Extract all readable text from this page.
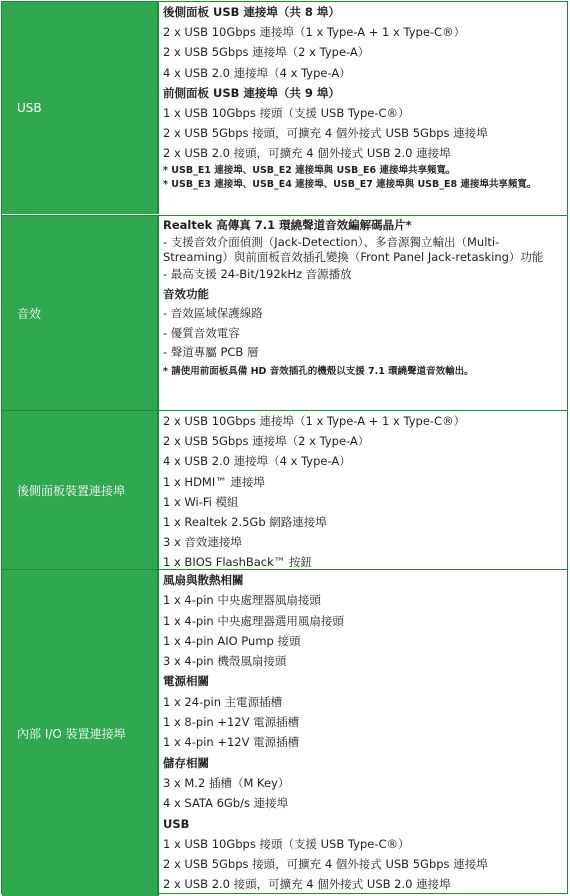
USB
後側面板 USB 連接埠（共 8 埠）
2 x USB 10Gbps 連接埠（1 x Type-A + 1 x Type-C®）
2 x USB 5Gbps 連接埠（2 x Type-A）
4 x USB 2.0 連接埠（4 x Type-A）
前側面板 USB 連接埠（共 9 埠）
1 x USB 10Gbps 接頭（支援 USB Type-C®）
2 x USB 5Gbps 接頭，可擴充 4 個外接式 USB 5Gbps 連接埠
2 x USB 2.0 接頭，可擴充 4 個外接式 USB 2.0 連接埠
* USB_E1 連接埠、USB_E2 連接埠與 USB_E6 連接埠共享頻寬。
* USB_E3 連接埠、USB_E4 連接埠、USB_E7 連接埠與 USB_E8 連接埠共享頻寬。
音效
Realtek 高傳真 7.1 環繞聲道音效編解碼晶片*
- 支援音效介面偵測（Jack-Detection）、多音源獨立輸出（Multi-Streaming）與前面板音效插孔變換（Front Panel Jack-retasking）功能
- 最高支援 24-Bit/192kHz 音源播放
音效功能
- 音效區域保護線路
- 優質音效電容
- 聲道專屬 PCB 層
* 請使用前面板具備 HD 音效插孔的機殼以支援 7.1 環繞聲道音效輸出。
後側面板裝置連接埠
2 x USB 10Gbps 連接埠（1 x Type-A + 1 x Type-C®）
2 x USB 5Gbps 連接埠（2 x Type-A）
4 x USB 2.0 連接埠（4 x Type-A）
1 x HDMI™ 連接埠
1 x Wi-Fi 模組
1 x Realtek 2.5Gb 網路連接埠
3 x 音效連接埠
1 x BIOS FlashBack™ 按鈕
內部 I/O 裝置連接埠
風扇與散熱相關
1 x 4-pin 中央處理器風扇接頭
1 x 4-pin 中央處理器選用風扇接頭
1 x 4-pin AIO Pump 接頭
3 x 4-pin 機殼風扇接頭
電源相關
1 x 24-pin 主電源插槽
1 x 8-pin +12V 電源插槽
1 x 4-pin +12V 電源插槽
儲存相關
3 x M.2 插槽（M Key）
4 x SATA 6Gb/s 連接埠
USB
1 x USB 10Gbps 接頭（支援 USB Type-C®）
2 x USB 5Gbps 接頭，可擴充 4 個外接式 USB 5Gbps 連接埠
2 x USB 2.0 接頭，可擴充 4 個外接式 USB 2.0 連接埠
